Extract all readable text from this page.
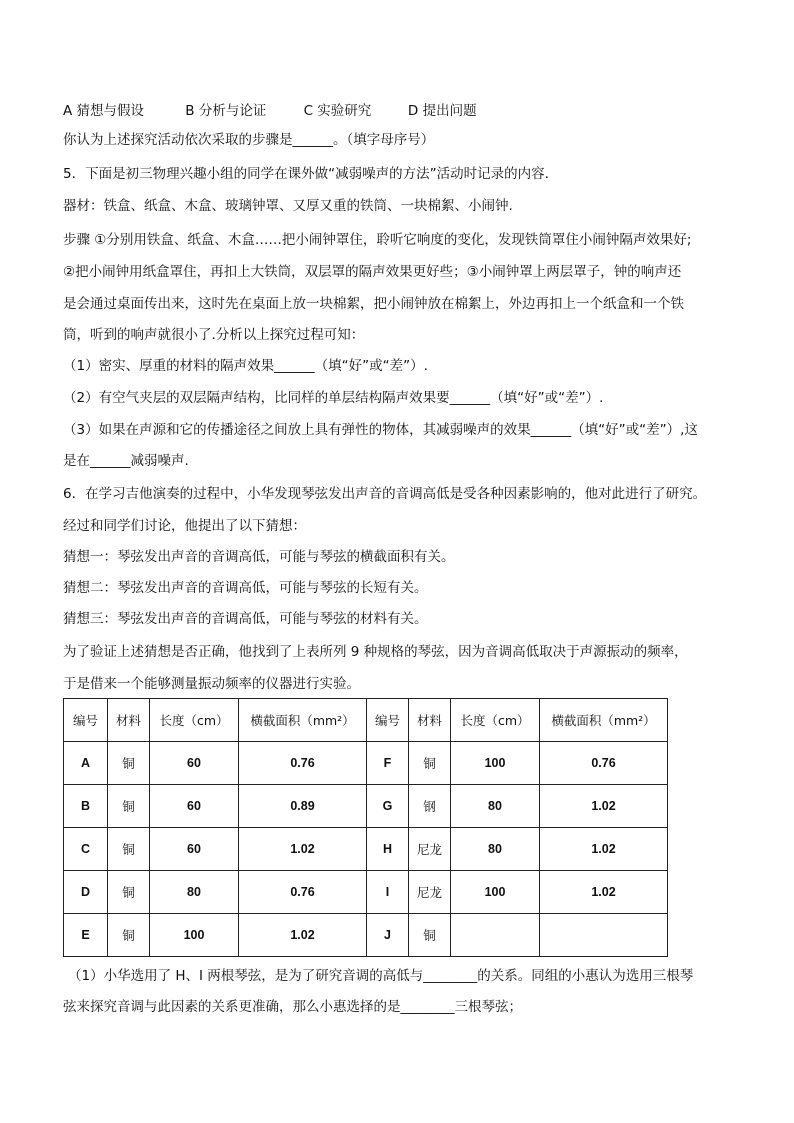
A 猜想与假设	B 分析与论证	C 实验研究	D 提出问题
你认为上述探究活动依次采取的步骤是______。（填字母序号）
5．下面是初三物理兴趣小组的同学在课外做“减弱噪声的方法”活动时记录的内容.
器材：铁盒、纸盒、木盒、玻璃钟罩、又厚又重的铁筒、一块棉絮、小闹钟.
步骤 ①分别用铁盒、纸盒、木盒……把小闹钟罩住，聆听它响度的变化，发现铁筒罩住小闹钟隔声效果好;
②把小闹钟用纸盒罩住，再扣上大铁筒，双层罩的隔声效果更好些；③小闹钟罩上两层罩子，钟的响声还
是会通过桌面传出来，这时先在桌面上放一块棉絮，把小闹钟放在棉絮上，外边再扣上一个纸盒和一个铁
筒，听到的响声就很小了.分析以上探究过程可知：
（1）密实、厚重的材料的隔声效果______（填“好”或“差”）.
（2）有空气夹层的双层隔声结构，比同样的单层结构隔声效果要______（填“好”或“差”）.
（3）如果在声源和它的传播途径之间放上具有弹性的物体，其减弱噪声的效果______（填“好”或“差”）,这
是在______减弱噪声.
6．在学习吉他演奏的过程中，小华发现琴弦发出声音的音调高低是受各种因素影响的，他对此进行了研究。
经过和同学们讨论，他提出了以下猜想：
猜想一：琴弦发出声音的音调高低，可能与琴弦的横截面积有关。
猜想二：琴弦发出声音的音调高低，可能与琴弦的长短有关。
猜想三：琴弦发出声音的音调高低，可能与琴弦的材料有关。
为了验证上述猜想是否正确，他找到了上表所列 9 种规格的琴弦，因为音调高低取决于声源振动的频率，
于是借来一个能够测量振动频率的仪器进行实验。
编号	材料	长度（cm）	横截面积（mm²）	编号	材料	长度（cm）	横截面积（mm²）
A	铜	60	0.76	F	铜	100	0.76
B	铜	60	0.89	G	钢	80	1.02
C	铜	60	1.02	H	尼龙	80	1.02
D	铜	80	0.76	I	尼龙	100	1.02
E	铜	100	1.02	J	铜		
（1）小华选用了 H、I 两根琴弦，是为了研究音调的高低与________的关系。同组的小惠认为选用三根琴
弦来探究音调与此因素的关系更准确，那么小惠选择的是________三根琴弦；
